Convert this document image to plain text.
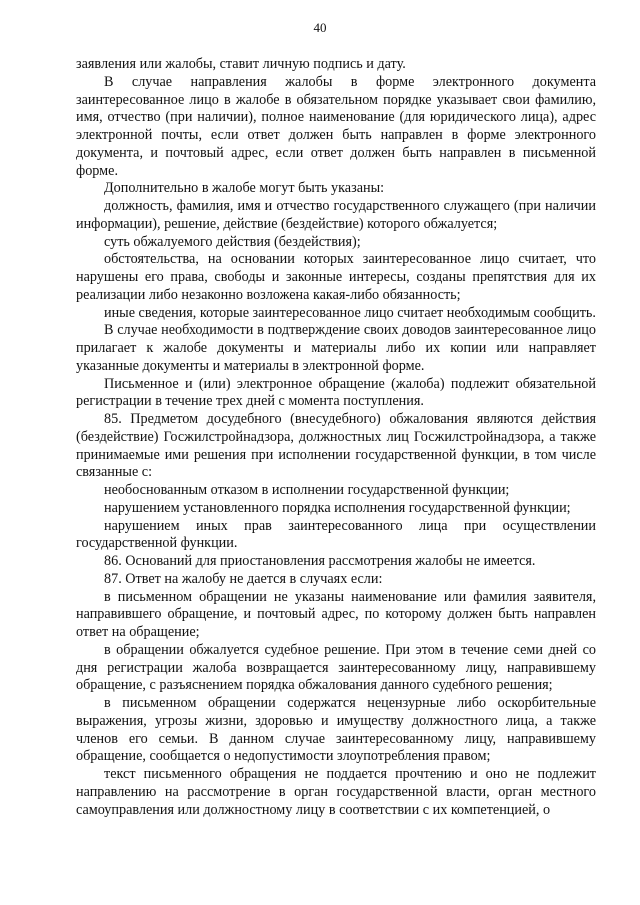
40

заявления или жалобы, ставит личную подпись и дату.

В случае направления жалобы в форме электронного документа заинтересованное лицо в жалобе в обязательном порядке указывает свои фамилию, имя, отчество (при наличии), полное наименование (для юридического лица), адрес электронной почты, если ответ должен быть направлен в форме электронного документа, и почтовый адрес, если ответ должен быть направлен в письменной форме.

Дополнительно в жалобе могут быть указаны:

должность, фамилия, имя и отчество государственного служащего (при наличии информации), решение, действие (бездействие) которого обжалуется;

суть обжалуемого действия (бездействия);

обстоятельства, на основании которых заинтересованное лицо считает, что нарушены его права, свободы и законные интересы, созданы препятствия для их реализации либо незаконно возложена какая-либо обязанность;

иные сведения, которые заинтересованное лицо считает необходимым сообщить.

В случае необходимости в подтверждение своих доводов заинтересованное лицо прилагает к жалобе документы и материалы либо их копии или направляет указанные документы и материалы в электронной форме.

Письменное и (или) электронное обращение (жалоба) подлежит обязательной регистрации в течение трех дней с момента поступления.

85. Предметом досудебного (внесудебного) обжалования являются действия (бездействие) Госжилстройнадзора, должностных лиц Госжилстройнадзора, а также принимаемые ими решения при исполнении государственной функции, в том числе связанные с:

необоснованным отказом в исполнении государственной функции;

нарушением установленного порядка исполнения государственной функции;

нарушением иных прав заинтересованного лица при осуществлении государственной функции.

86. Оснований для приостановления рассмотрения жалобы не имеется.

87. Ответ на жалобу не дается в случаях если:

в письменном обращении не указаны наименование или фамилия заявителя, направившего обращение, и почтовый адрес, по которому должен быть направлен ответ на обращение;

в обращении обжалуется судебное решение. При этом в течение семи дней со дня регистрации жалоба возвращается заинтересованному лицу, направившему обращение, с разъяснением порядка обжалования данного судебного решения;

в письменном обращении содержатся нецензурные либо оскорбительные выражения, угрозы жизни, здоровью и имуществу должностного лица, а также членов его семьи. В данном случае заинтересованному лицу, направившему обращение, сообщается о недопустимости злоупотребления правом;

текст письменного обращения не поддается прочтению и оно не подлежит направлению на рассмотрение в орган государственной власти, орган местного самоуправления или должностному лицу в соответствии с их компетенцией, о
